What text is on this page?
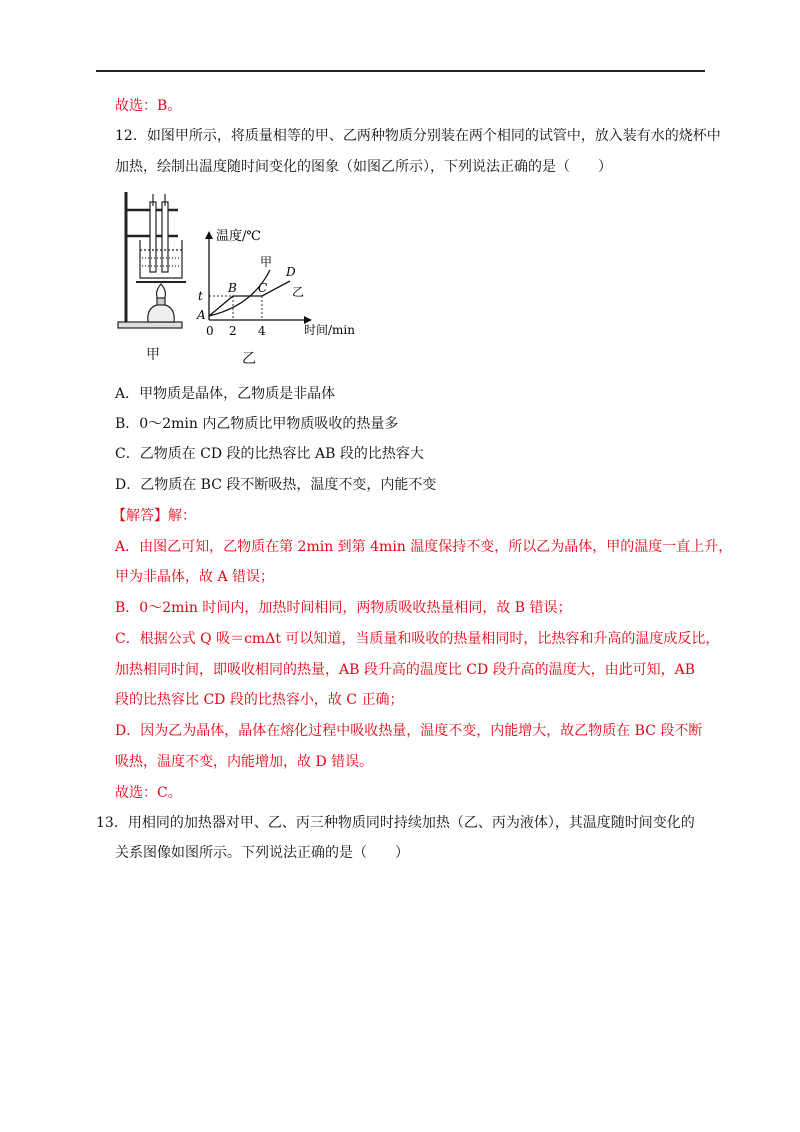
故选：B。
12．如图甲所示，将质量相等的甲、乙两种物质分别装在两个相同的试管中，放入装有水的烧杯中
加热，绘制出温度随时间变化的图象（如图乙所示），下列说法正确的是（　　）
温度/℃
时间/min
t
0 2 4
A
B C
D
甲
乙
甲	乙
A．甲物质是晶体，乙物质是非晶体
B．0～2min 内乙物质比甲物质吸收的热量多
C．乙物质在 CD 段的比热容比 AB 段的比热容大
D．乙物质在 BC 段不断吸热，温度不变，内能不变
【解答】解：
A．由图乙可知，乙物质在第 2min 到第 4min 温度保持不变，所以乙为晶体，甲的温度一直上升，
甲为非晶体，故 A 错误；
B．0～2min 时间内，加热时间相同，两物质吸收热量相同，故 B 错误；
C．根据公式 Q 吸＝cmΔt 可以知道，当质量和吸收的热量相同时，比热容和升高的温度成反比，
加热相同时间，即吸收相同的热量，AB 段升高的温度比 CD 段升高的温度大，由此可知，AB
段的比热容比 CD 段的比热容小，故 C 正确；
D．因为乙为晶体，晶体在熔化过程中吸收热量，温度不变，内能增大，故乙物质在 BC 段不断
吸热，温度不变，内能增加，故 D 错误。
故选：C。
13．用相同的加热器对甲、乙、丙三种物质同时持续加热（乙、丙为液体），其温度随时间变化的
关系图像如图所示。下列说法正确的是（　　）
